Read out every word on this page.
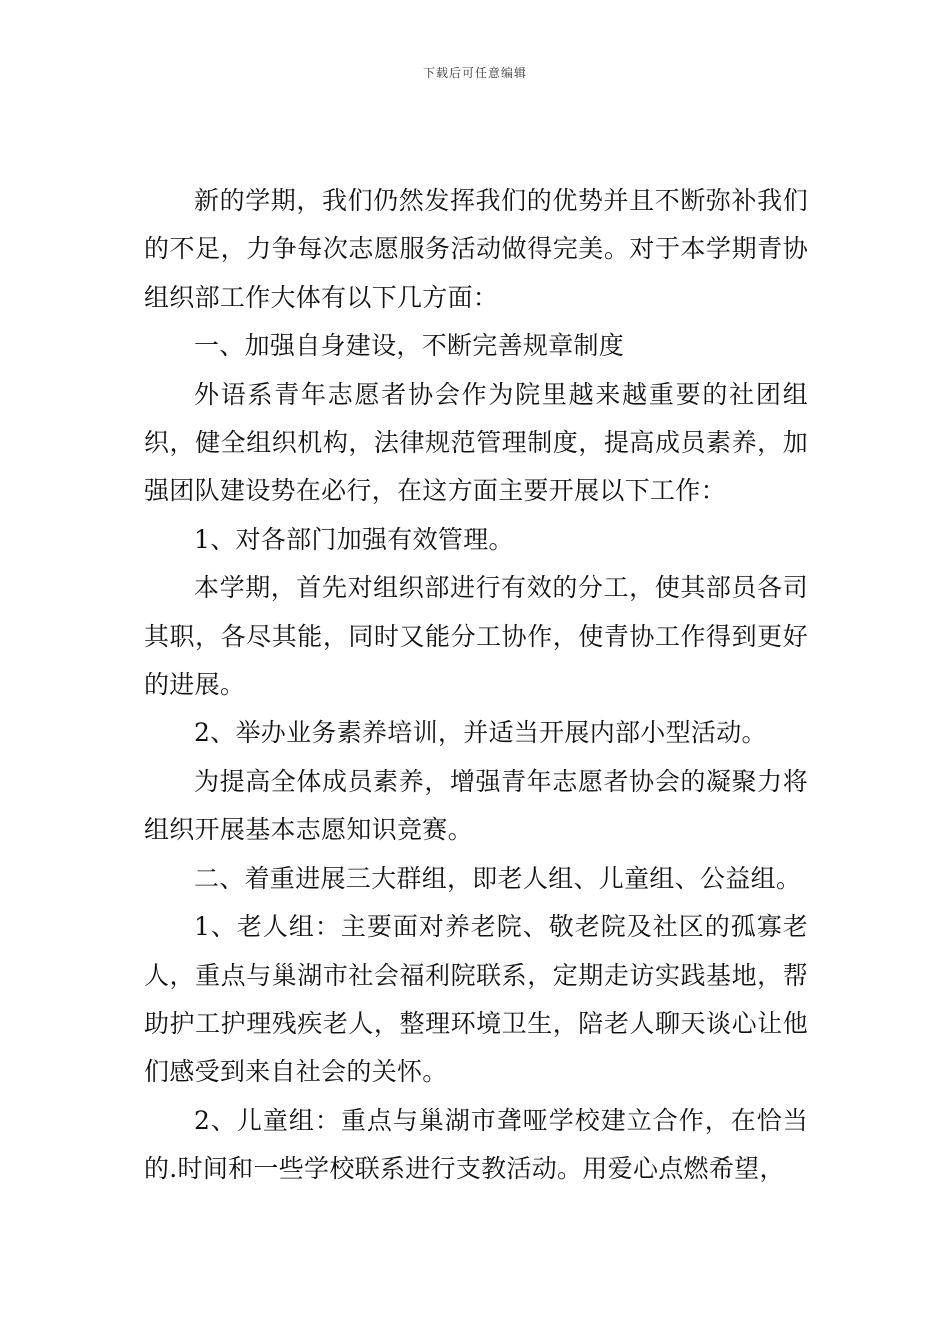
下载后可任意编辑

新的学期，我们仍然发挥我们的优势并且不断弥补我们的不足，力争每次志愿服务活动做得完美。对于本学期青协组织部工作大体有以下几方面：

一、加强自身建设，不断完善规章制度

外语系青年志愿者协会作为院里越来越重要的社团组织，健全组织机构，法律规范管理制度，提高成员素养，加强团队建设势在必行，在这方面主要开展以下工作：

1、对各部门加强有效管理。

本学期，首先对组织部进行有效的分工，使其部员各司其职，各尽其能，同时又能分工协作，使青协工作得到更好的进展。

2、举办业务素养培训，并适当开展内部小型活动。

为提高全体成员素养，增强青年志愿者协会的凝聚力将组织开展基本志愿知识竞赛。

二、着重进展三大群组，即老人组、儿童组、公益组。

1、老人组：主要面对养老院、敬老院及社区的孤寡老人，重点与巢湖市社会福利院联系，定期走访实践基地，帮助护工护理残疾老人，整理环境卫生，陪老人聊天谈心让他们感受到来自社会的关怀。

2、儿童组：重点与巢湖市聋哑学校建立合作，在恰当的.时间和一些学校联系进行支教活动。用爱心点燃希望，
